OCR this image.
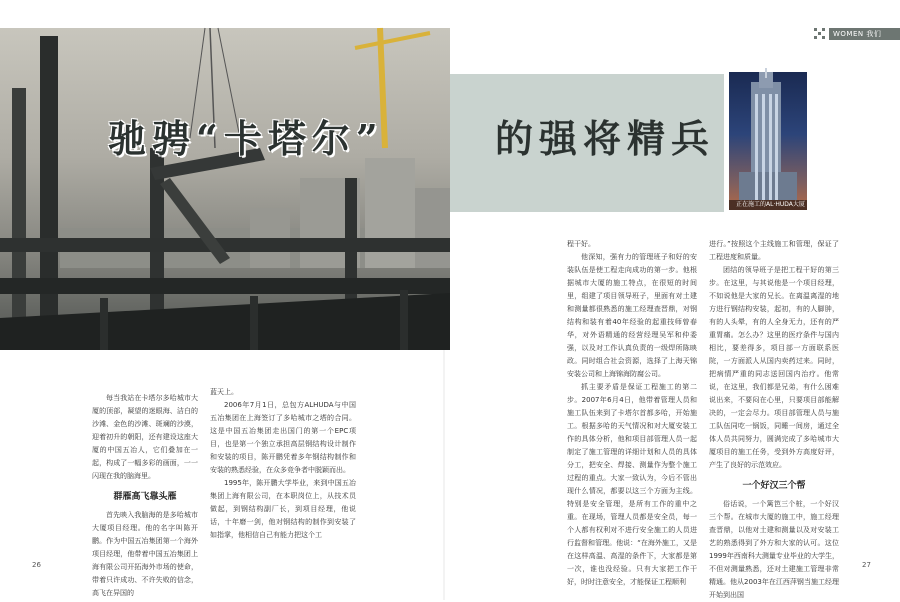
吊装RT9顶部西主梁
WOMEN 我们
驰骋“卡塔尔”	的强将精兵
正在施工的AL·HUDA大厦

每当我站在卡塔尔多哈城市大厦的顶部，凝望的迷眼海、洁白的沙滩、金色的沙滩、斑斓的沙漠，迎着初升的朝阳，还有建设这座大厦的中国五冶人，它们叠加在一起，构成了一幅多彩的画面，一一闪现在我的脑海里。

群雁高飞靠头雁

首先映入我脑海的是多哈城市大厦项目经理。他的名字叫陈开鹏。作为中国五冶集团第一个海外项目经理，他带着中国五冶集团上海有限公司开拓海外市场的使命，带着只许成功、不许失败的信念，高飞在异国的

蓝天上。

2006年7月1日，总包方ALHUDA与中国五冶集团在上海签订了多哈城市之塔的合同。这是中国五冶集团走出国门的第一个EPC项目，也是第一个独立承担高层钢结构设计制作和安装的项目，陈开鹏凭着多年钢结构制作和安装的熟悉经验，在众多竞争者中脱颖而出。

1995年，陈开鹏大学毕业，来到中国五冶集团上海有限公司，在本职岗位上，从技术员做起，到钢结构副厂长，到项目经理，他说话，十年磨一剑，他对钢结构的制作到安装了如指掌，他相信自己有能力把这个工

程干好。

他深知，强有力的管理班子和好的安装队伍是使工程走向成功的第一步。他根据城市大厦的施工特点，在很短的时间里，组建了项目领导班子，里面有对土建和测量都很熟悉的施工经理查晋鼎，对钢结构和装有着40年经验的起重技师曾春华，对外语精通的经营经理吴军和仲委强，以及对工作认真负责的一级焊所陈映政。同时组合社会资源，选择了上海天锦安装公司和上海锦海防腐公司。

抓主要矛盾是保证工程施工的第二步。2007年6月4日，他带着管理人员和施工队伍来到了卡塔尔首都多哈，开始施工。根据多哈的天气情况和对大厦安装工作的具体分析，他和项目部管理人员一起制定了施工管理的详细计划和人员的具体分工，把安全、焊接、测量作为整个施工过程的重点。大家一致认为，今后不管出现什么情况，都要以这三个方面为主线。特别是安全管理，是所有工作的重中之重。在现场，管理人员都是安全员，每一个人都有权利对不进行安全施工的人员进行监督和管理。他说：“在海外施工，又是在这样高温、高湿的条件下，大家都是第一次，谁也没经验。只有大家把工作干好，时时注意安全，才能保证工程顺利

进行。”按照这个主线施工和管理，保证了工程进度和质量。

团结的领导班子是把工程干好的第三步。在这里，与其说他是一个项目经理，不如说他是大家的兄长。在离温离湿的地方进行钢结构安装，起初，有的人脚肿，有的人头晕，有的人全身无力，还有的严重胃痛。怎么办？这里的医疗条件与国内相比，要差得多，项目部一方面联系医院，一方面派人从国内卖药过来。同时，把病情严重的同志送回国内治疗。他常说，在这里，我们都是兄弟，有什么困难说出来，不要闷在心里，只要项目部能解决的，一定会尽力。项目部管理人员与施工队伍同吃一锅饭，同睡一间房，通过全体人员共同努力，圆满完成了多哈城市大厦项目的施工任务，受到外方高度好评，产生了良好的示范效应。

一个好汉三个帮

俗话说，一个篱笆三个桩，一个好汉三个帮。在城市大厦的施工中，施工经理查晋鼎，以他对土建和测量以及对安装工艺的熟悉得到了外方和大家的认可。这位1999年西南科大测量专业毕业的大学生，不但对测量熟悉，还对土建施工管理非常精通。他从2003年在江西萍钢当施工经理开始到出国

26	27
